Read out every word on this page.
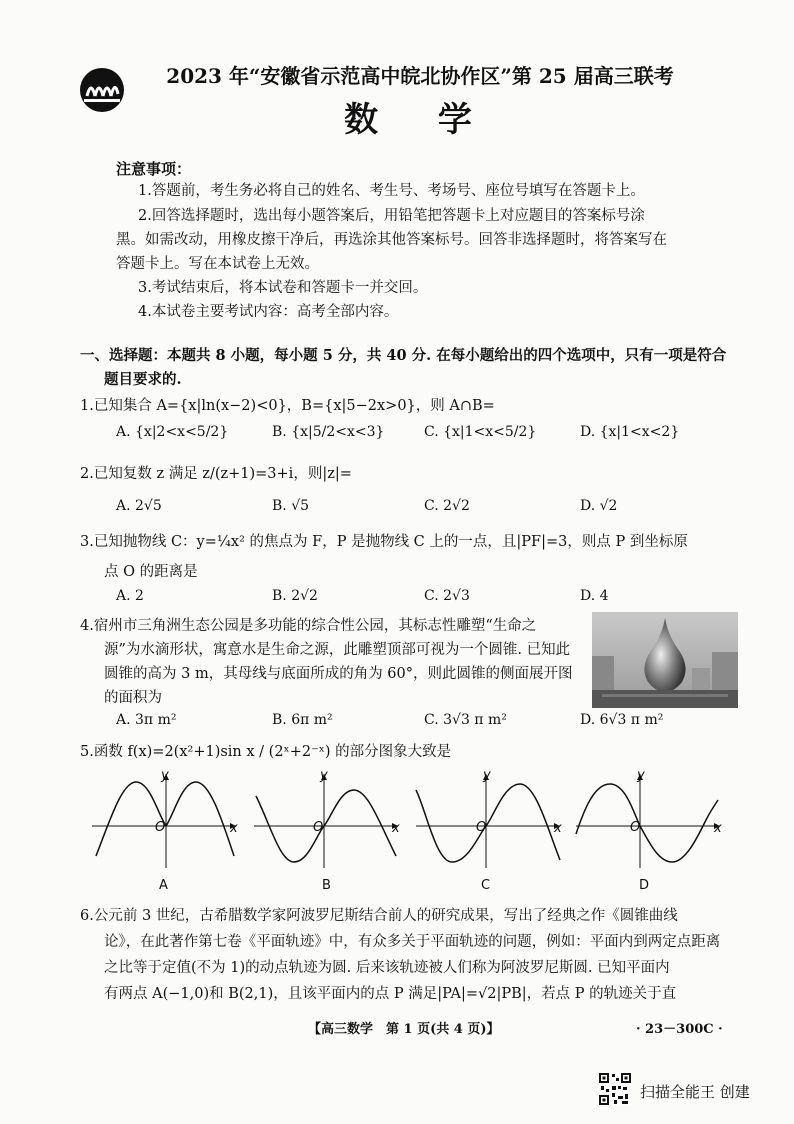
2023 年“安徽省示范高中皖北协作区”第 25 届高三联考
数 学
注意事项：
1.答题前，考生务必将自己的姓名、考生号、考场号、座位号填写在答题卡上。
2.回答选择题时，选出每小题答案后，用铅笔把答题卡上对应题目的答案标号涂
黑。如需改动，用橡皮擦干净后，再选涂其他答案标号。回答非选择题时，将答案写在
答题卡上。写在本试卷上无效。
3.考试结束后，将本试卷和答题卡一并交回。
4.本试卷主要考试内容：高考全部内容。
一、选择题：本题共 8 小题，每小题 5 分，共 40 分. 在每小题给出的四个选项中，只有一项是符合
题目要求的.
1.已知集合 A={x|ln(x−2)<0}，B={x|5−2x>0}，则 A∩B=
A. {x|2<x<5/2}	B. {x|5/2<x<3}	C. {x|1<x<5/2}	D. {x|1<x<2}
2.已知复数 z 满足 z/(z+1)=3+i，则|z|=
A. 2√5	B. √5	C. 2√2	D. √2
3.已知抛物线 C：y=¼x² 的焦点为 F，P 是抛物线 C 上的一点，且|PF|=3，则点 P 到坐标原
点 O 的距离是
A. 2	B. 2√2	C. 2√3	D. 4
4.宿州市三角洲生态公园是多功能的综合性公园，其标志性雕塑“生命之
源”为水滴形状，寓意水是生命之源，此雕塑顶部可视为一个圆锥. 已知此
圆锥的高为 3 m，其母线与底面所成的角为 60°，则此圆锥的侧面展开图
的面积为
A. 3π m²	B. 6π m²	C. 3√3 π m²	D. 6√3 π m²
5.函数 f(x)=2(x²+1)sin x / (2ˣ+2⁻ˣ) 的部分图象大致是
y
x
O
A
y
x
O
B
y
x
O
C
y
x
O
D
6.公元前 3 世纪，古希腊数学家阿波罗尼斯结合前人的研究成果，写出了经典之作《圆锥曲线
论》，在此著作第七卷《平面轨迹》中，有众多关于平面轨迹的问题，例如：平面内到两定点距离
之比等于定值(不为 1)的动点轨迹为圆. 后来该轨迹被人们称为阿波罗尼斯圆. 已知平面内
有两点 A(−1,0)和 B(2,1)，且该平面内的点 P 满足|PA|=√2|PB|，若点 P 的轨迹关于直
【高三数学　第 1 页(共 4 页)】	· 23－300C ·
扫描全能王 创建
